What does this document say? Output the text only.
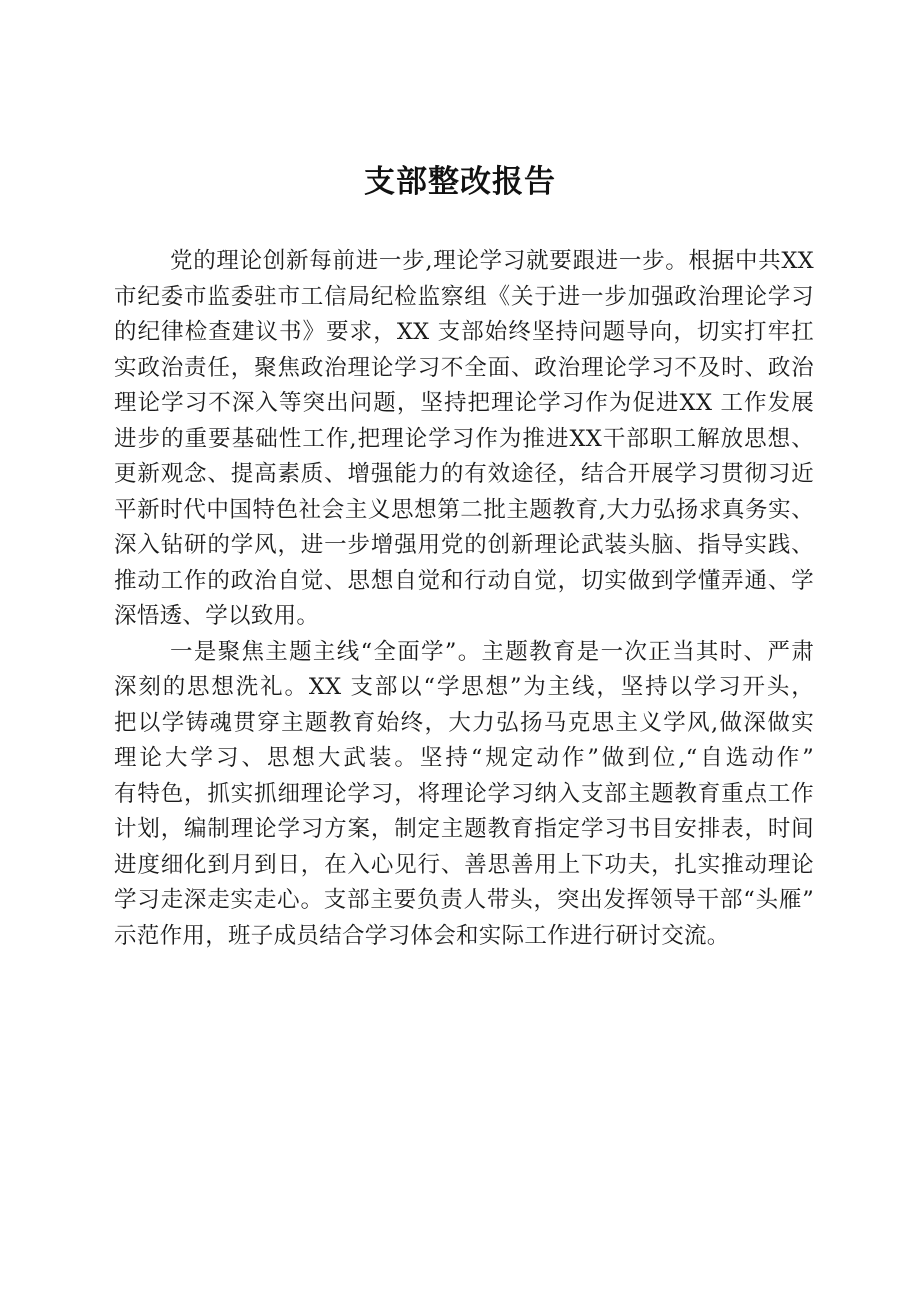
支部整改报告
党的理论创新每前进一步,理论学习就要跟进一步。根据中共XX
市纪委市监委驻市工信局纪检监察组《关于进一步加强政治理论学习
的纪律检查建议书》要求，XX 支部始终坚持问题导向，切实打牢扛
实政治责任，聚焦政治理论学习不全面、政治理论学习不及时、政治
理论学习不深入等突出问题，坚持把理论学习作为促进XX 工作发展
进步的重要基础性工作,把理论学习作为推进XX干部职工解放思想、
更新观念、提高素质、增强能力的有效途径，结合开展学习贯彻习近
平新时代中国特色社会主义思想第二批主题教育,大力弘扬求真务实、
深入钻研的学风，进一步增强用党的创新理论武装头脑、指导实践、
推动工作的政治自觉、思想自觉和行动自觉，切实做到学懂弄通、学
深悟透、学以致用。
一是聚焦主题主线“全面学”。主题教育是一次正当其时、严肃
深刻的思想洗礼。XX 支部以“学思想”为主线，坚持以学习开头，
把以学铸魂贯穿主题教育始终，大力弘扬马克思主义学风,做深做实
理论大学习、思想大武装。坚持“规定动作”做到位,“自选动作”
有特色，抓实抓细理论学习，将理论学习纳入支部主题教育重点工作
计划，编制理论学习方案，制定主题教育指定学习书目安排表，时间
进度细化到月到日，在入心见行、善思善用上下功夫，扎实推动理论
学习走深走实走心。支部主要负责人带头，突出发挥领导干部“头雁”
示范作用，班子成员结合学习体会和实际工作进行研讨交流。
